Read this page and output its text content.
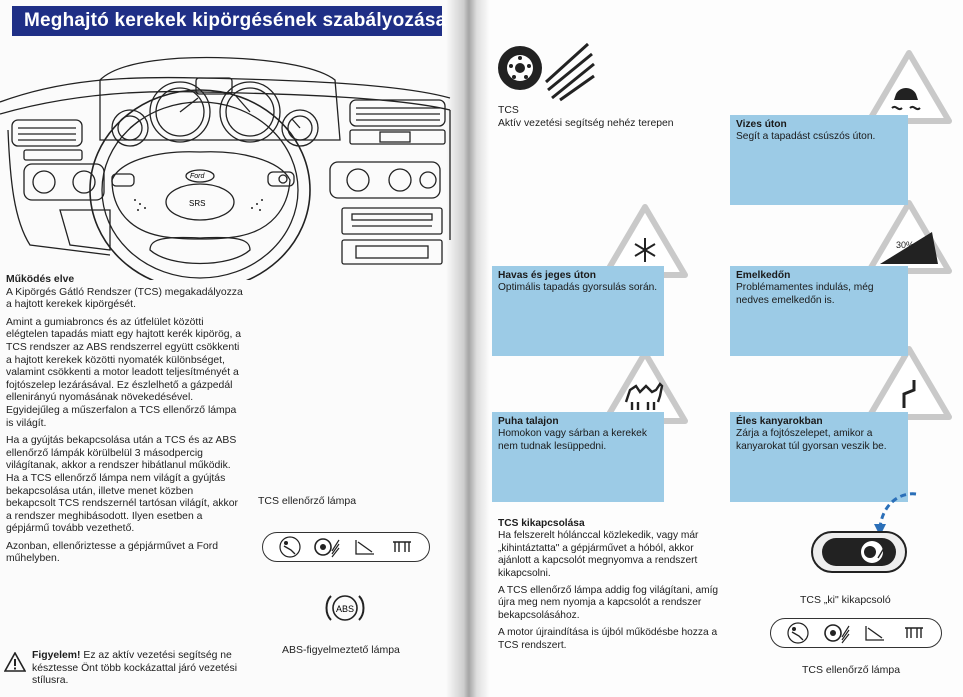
Meghajtó kerekek kipörgésének szabályozása
Ford
SRS
Működés elve

A Kipörgés Gátló Rendszer (TCS) megakadályozza a hajtott kerekek kipörgését.

Amint a gumiabroncs és az útfelület közötti elégtelen tapadás miatt egy hajtott kerék kipörög, a TCS rendszer az ABS rendszerrel együtt csökkenti a hajtott kerekek közötti nyomaték különbséget, valamint csökkenti a motor leadott teljesítményét a fojtószelep lezárásával. Ez észlelhető a gázpedál ellenirányú nyomásának növekedésével. Egyidejűleg a műszerfalon a TCS ellenőrző lámpa is világít.

Ha a gyújtás bekapcsolása után a TCS és az ABS ellenőrző lámpák körülbelül 3 másodpercig világítanak, akkor a rendszer hibátlanul működik. Ha a TCS ellenőrző lámpa nem világít a gyújtás bekapcsolása után, illetve menet közben bekapcsolt TCS rendszernél tartósan világít, akkor a rendszer meghibásodott. Ilyen esetben a gépjármű tovább vezethető.

Azonban, ellenőriztesse a gépjárművet a Ford műhelyben.

TCS ellenőrző lámpa
ABS
ABS-figyelmeztető lámpa
Figyelem! Ez az aktív vezetési segítség ne késztesse Önt több kockázattal járó vezetési stílusra.
TCS
Aktív vezetési segítség nehéz terepen
30%
Vizes úton
Segít a tapadást csúszós úton.
Havas és jeges úton
Optimális tapadás gyorsulás során.
Emelkedőn
Problémamentes indulás, még nedves emelkedőn is.
Puha talajon
Homokon vagy sárban a kerekek nem tudnak lesüppedni.
Éles kanyarokban
Zárja a fojtószelepet, amikor a kanyarokat túl gyorsan veszik be.
TCS kikapcsolása

Ha felszerelt hólánccal közlekedik, vagy már „kihintáztatta" a gépjárművet a hóból, akkor ajánlott a kapcsolót megnyomva a rendszert kikapcsolni.

A TCS ellenőrző lámpa addig fog világítani, amíg újra meg nem nyomja a kapcsolót a rendszer bekapcsolásához.

A motor újraindítása is újból működésbe hozza a TCS rendszert.

TCS „ki" kikapcsoló
TCS ellenőrző lámpa
